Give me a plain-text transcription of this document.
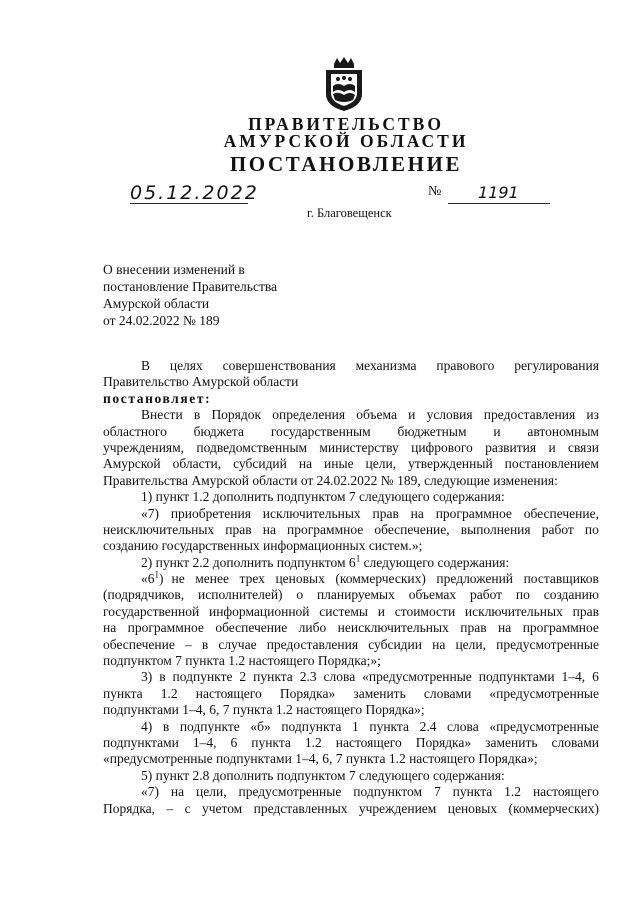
ПРАВИТЕЛЬСТВО
АМУРСКОЙ ОБЛАСТИ
ПОСТАНОВЛЕНИЕ
05.12.2022	№	1191
г. Благовещенск
О внесении изменений в
постановление Правительства
Амурской области
от 24.02.2022 № 189
В целях совершенствования механизма правового регулирования
Правительство Амурской области
постановляет:
Внести в Порядок определения объема и условия предоставления из
областного бюджета государственным бюджетным и автономным
учреждениям, подведомственным министерству цифрового развития и связи
Амурской области, субсидий на иные цели, утвержденный постановлением
Правительства Амурской области от 24.02.2022 № 189, следующие изменения:
1) пункт 1.2 дополнить подпунктом 7 следующего содержания:
«7) приобретения исключительных прав на программное обеспечение,
неисключительных прав на программное обеспечение, выполнения работ по
созданию государственных информационных систем.»;
2) пункт 2.2 дополнить подпунктом $6^1$ следующего содержания:
«$6^1$) не менее трех ценовых (коммерческих) предложений поставщиков
(подрядчиков, исполнителей) о планируемых объемах работ по созданию
государственной информационной системы и стоимости исключительных прав
на программное обеспечение либо неисключительных прав на программное
обеспечение – в случае предоставления субсидии на цели, предусмотренные
подпунктом 7 пункта 1.2 настоящего Порядка;»;
3) в подпункте 2 пункта 2.3 слова «предусмотренные подпунктами 1–4, 6
пункта 1.2 настоящего Порядка» заменить словами «предусмотренные
подпунктами 1–4, 6, 7 пункта 1.2 настоящего Порядка»;
4) в подпункте «б» подпункта 1 пункта 2.4 слова «предусмотренные
подпунктами 1–4, 6 пункта 1.2 настоящего Порядка» заменить словами
«предусмотренные подпунктами 1–4, 6, 7 пункта 1.2 настоящего Порядка»;
5) пункт 2.8 дополнить подпунктом 7 следующего содержания:
«7) на цели, предусмотренные подпунктом 7 пункта 1.2 настоящего
Порядка, – с учетом представленных учреждением ценовых (коммерческих)
